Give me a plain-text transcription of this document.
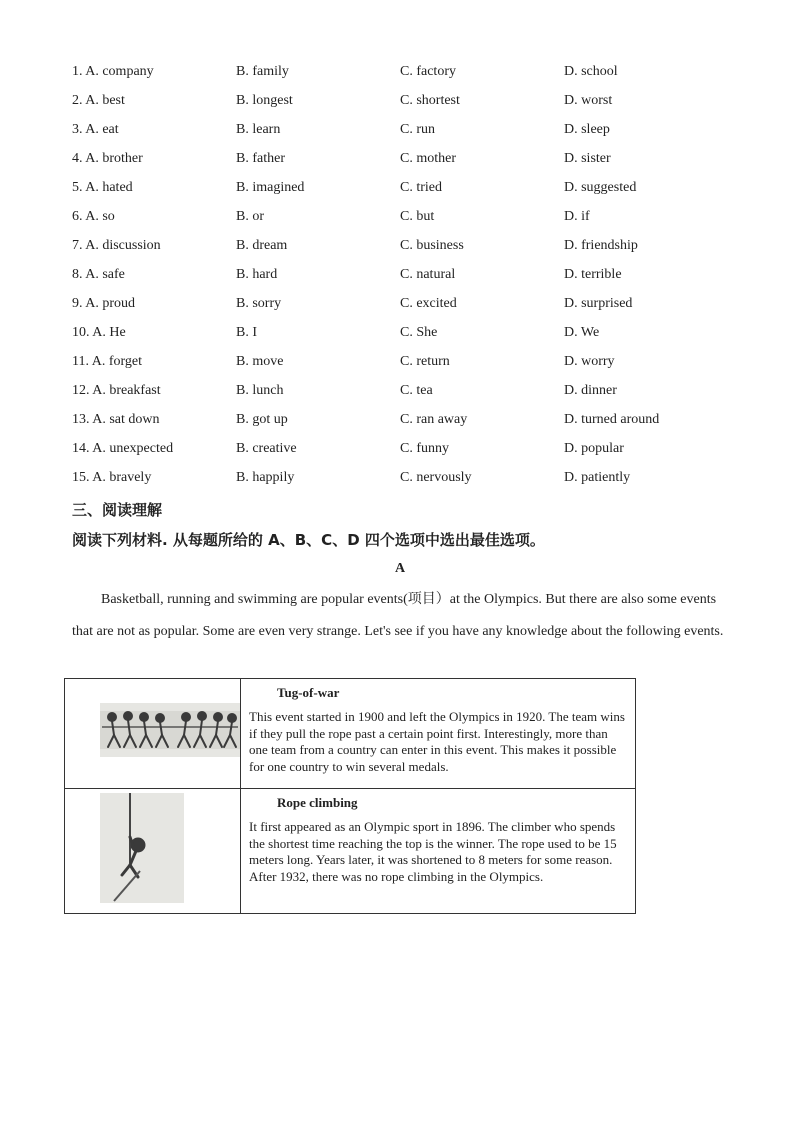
1. A. company	B. family	C. factory	D. school
2. A. best	B. longest	C. shortest	D. worst
3. A. eat	B. learn	C. run	D. sleep
4. A. brother	B. father	C. mother	D. sister
5. A. hated	B. imagined	C. tried	D. suggested
6. A. so	B. or	C. but	D. if
7. A. discussion	B. dream	C. business	D. friendship
8. A. safe	B. hard	C. natural	D. terrible
9. A. proud	B. sorry	C. excited	D. surprised
10. A. He	B. I	C. She	D. We
11. A. forget	B. move	C. return	D. worry
12. A. breakfast	B. lunch	C. tea	D. dinner
13. A. sat down	B. got up	C. ran away	D. turned around
14. A. unexpected	B. creative	C. funny	D. popular
15. A. bravely	B. happily	C. nervously	D. patiently
三、阅读理解
阅读下列材料. 从每题所给的 A、B、C、D 四个选项中选出最佳选项。
A
Basketball, running and swimming are popular events(项目）at the Olympics. But there are also some events that are not as popular. Some are even very strange. Let's see if you have any knowledge about the following events.
Tug-of-war
This event started in 1900 and left the Olympics in 1920. The team wins if they pull the rope past a certain point first. Interestingly, more than one team from a country can enter in this event. This makes it possible for one country to win several medals.
Rope climbing
It first appeared as an Olympic sport in 1896. The climber who spends the shortest time reaching the top is the winner. The rope used to be 15 meters long. Years later, it was shortened to 8 meters for some reason. After 1932, there was no rope climbing in the Olympics.
